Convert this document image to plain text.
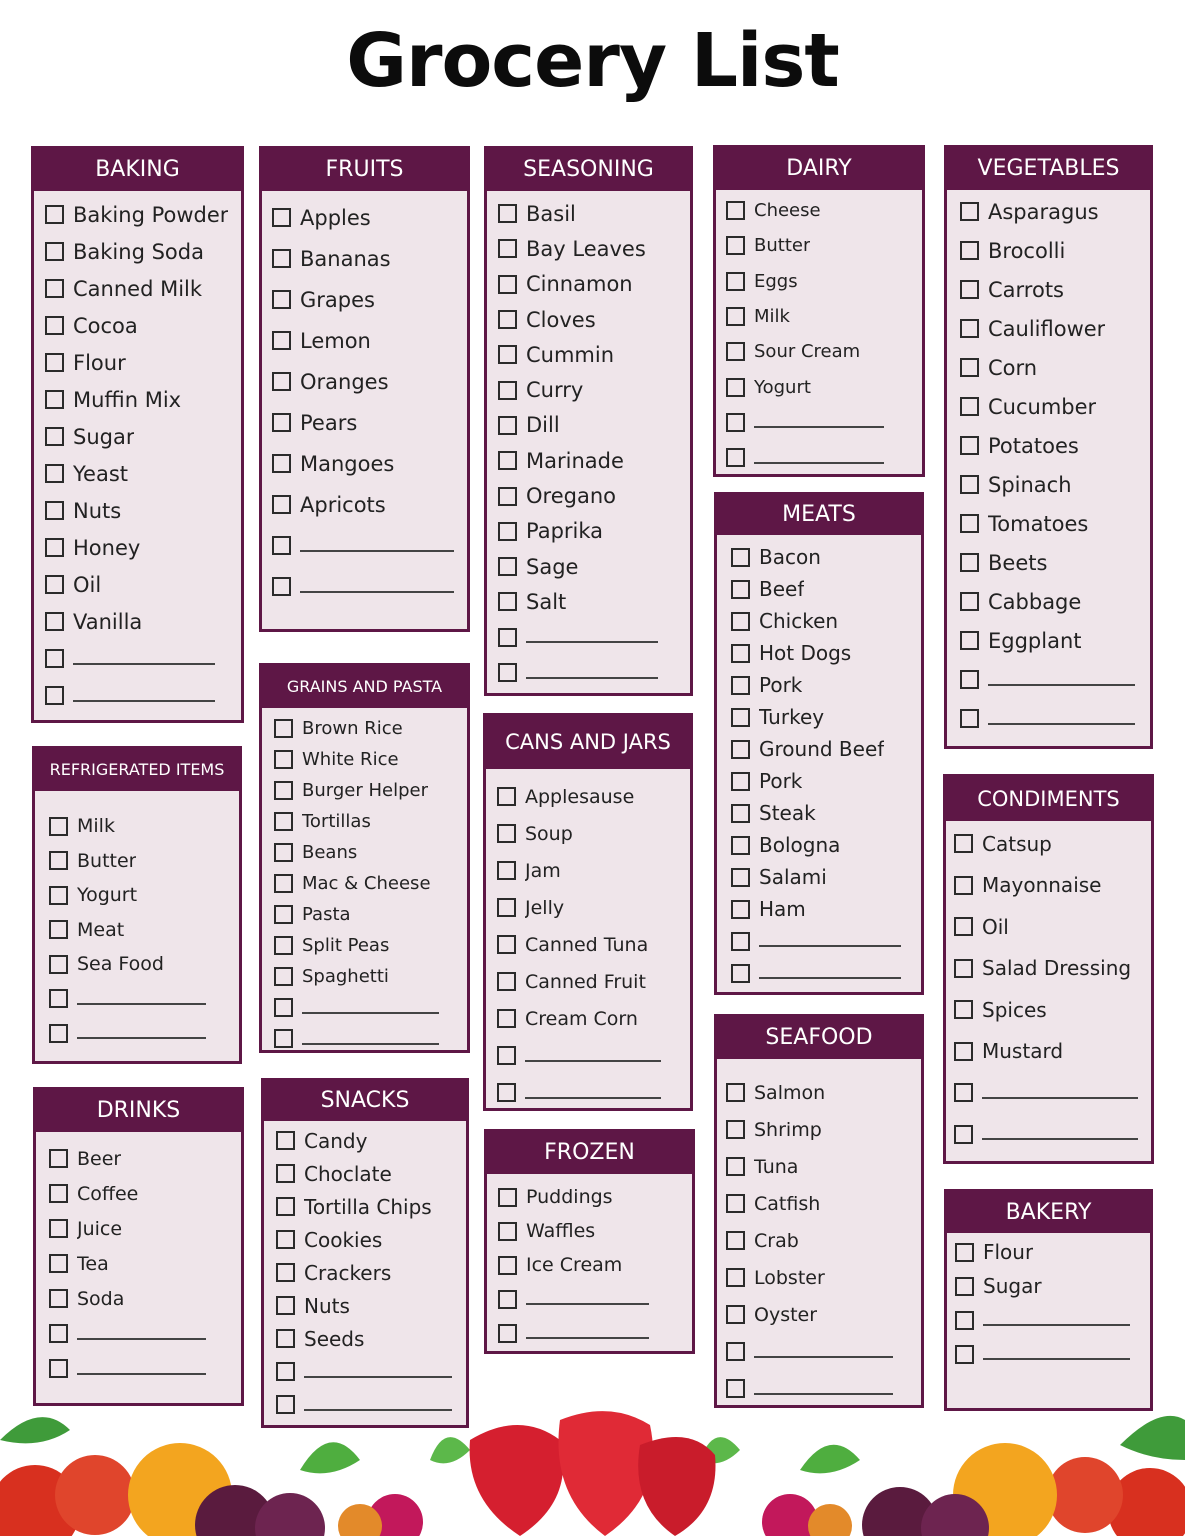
Grocery List
BAKING
Baking Powder
Baking Soda
Canned Milk
Cocoa
Flour
Muffin Mix
Sugar
Yeast
Nuts
Honey
Oil
Vanilla
REFRIGERATED ITEMS
Milk
Butter
Yogurt
Meat
Sea Food
DRINKS
Beer
Coffee
Juice
Tea
Soda
FRUITS
Apples
Bananas
Grapes
Lemon
Oranges
Pears
Mangoes
Apricots
GRAINS AND PASTA
Brown Rice
White Rice
Burger Helper
Tortillas
Beans
Mac & Cheese
Pasta
Split Peas
Spaghetti
SNACKS
Candy
Choclate
Tortilla Chips
Cookies
Crackers
Nuts
Seeds
SEASONING
Basil
Bay Leaves
Cinnamon
Cloves
Cummin
Curry
Dill
Marinade
Oregano
Paprika
Sage
Salt
CANS AND JARS
Applesause
Soup
Jam
Jelly
Canned Tuna
Canned Fruit
Cream Corn
FROZEN
Puddings
Waffles
Ice Cream
DAIRY
Cheese
Butter
Eggs
Milk
Sour Cream
Yogurt
MEATS
Bacon
Beef
Chicken
Hot Dogs
Pork
Turkey
Ground Beef
Pork
Steak
Bologna
Salami
Ham
SEAFOOD
Salmon
Shrimp
Tuna
Catfish
Crab
Lobster
Oyster
VEGETABLES
Asparagus
Brocolli
Carrots
Cauliflower
Corn
Cucumber
Potatoes
Spinach
Tomatoes
Beets
Cabbage
Eggplant
CONDIMENTS
Catsup
Mayonnaise
Oil
Salad Dressing
Spices
Mustard
BAKERY
Flour
Sugar
